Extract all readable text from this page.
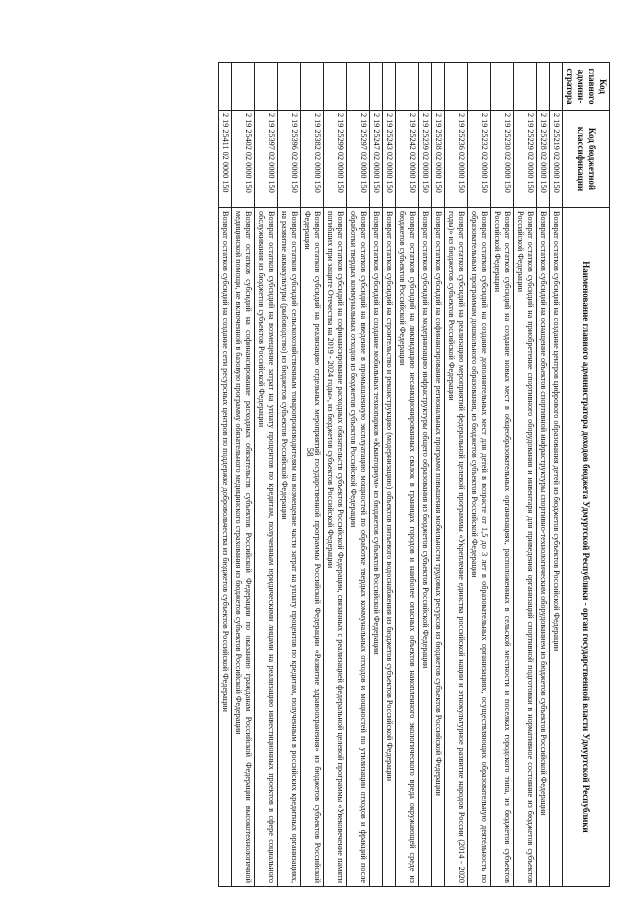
58
Код главного админи-стратора	Код бюджетной классификации	Наименование главного администратора доходов бюджета Удмуртской Республики - орган государственной власти Удмуртской Республики
	2 19 25219 02 0000 150	Возврат остатков субсидий на создание центров цифрового образования детей из бюджетов субъектов Российской Федерации
	2 19 25228 02 0000 150	Возврат остатков субсидий на оснащение объектов спортивной инфраструктуры спортивно-технологическим оборудованием из бюджетов субъектов Российской Федерации
	2 19 25229 02 0000 150	Возврат остатков субсидий на приобретение спортивного оборудования и инвентаря для приведения организаций спортивной подготовки в нормативное состояние из бюджетов субъектов Российской Федерации
	2 19 25230 02 0000 150	Возврат остатков субсидий на создание новых мест в общеобразовательных организациях, расположенных в сельской местности и поселках городского типа, из бюджетов субъектов Российской Федерации
	2 19 25232 02 0000 150	Возврат остатков субсидий на создание дополнительных мест для детей в возрасте от 1,5 до 3 лет в образовательных организациях, осуществляющих образовательную деятельность по образовательным программам дошкольного образования, из бюджетов субъектов Российской Федерации
	2 19 25236 02 0000 150	Возврат остатков субсидий на реализацию мероприятий федеральной целевой программы «Укрепление единства российской нации и этнокультурное развитие народов России (2014 - 2020 годы)» из бюджетов субъектов Российской Федерации
	2 19 25238 02 0000 150	Возврат остатков субсидий на софинансирование региональных программ повышения мобильности трудовых ресурсов из бюджетов субъектов Российской Федерации
	2 19 25239 02 0000 150	Возврат остатков субсидий на модернизацию инфраструктуры общего образования из бюджетов субъектов Российской Федерации
	2 19 25242 02 0000 150	Возврат остатков субсидий на ликвидацию несанкционированных свалок в границах городов и наиболее опасных объектов накопленного экологического вреда окружающей среде из бюджетов субъектов Российской Федерации
	2 19 25243 02 0000 150	Возврат остатков субсидий на строительство и реконструкцию (модернизацию) объектов питьевого водоснабжения из бюджетов субъектов Российской Федерации
	2 19 25247 02 0000 150	Возврат остатков субсидий на создание мобильных технопарков «Кванториум» из бюджетов субъектов Российской Федерации
	2 19 25297 02 0000 150	Возврат остатков субсидий на введение в промышленную эксплуатацию мощностей по обработке твердых коммунальных отходов и мощностей по утилизации отходов и фракций после обработки твердых коммунальных отходов из бюджетов субъектов Российской Федерации
	2 19 25299 02 0000 150	Возврат остатков субсидий на софинансирование расходных обязательств субъектов Российской Федерации, связанных с реализацией федеральной целевой программы «Увековечение памяти погибших при защите Отечества на 2019 - 2024 годы», из бюджетов субъектов Российской Федерации
	2 19 25382 02 0000 150	Возврат остатков субсидий на реализацию отдельных мероприятий государственной программы Российской Федерации «Развитие здравоохранения» из бюджетов субъектов Российской Федерации
	2 19 25396 02 0000 150	Возврат остатков субсидий сельскохозяйственным товаропроизводителям на возмещение части затрат на уплату процентов по кредитам, полученным в российских кредитных организациях, на развитие аквакультуры (рыбоводство) из бюджетов субъектов Российской Федерации
	2 19 25397 02 0000 150	Возврат остатков субсидий на возмещение затрат на уплату процентов по кредитам, полученным юридическими лицами на реализацию инвестиционных проектов в сфере социального обслуживания из бюджетов субъектов Российской Федерации
	2 19 25402 02 0000 150	Возврат остатков субсидий на софинансирование расходных обязательств субъектов Российской Федерации по оказанию гражданам Российской Федерации высокотехнологичной медицинской помощи, не включенной в базовую программу обязательного медицинского страхования из бюджетов субъектов Российской Федерации
	2 19 25411 02 0000 150	Возврат остатков субсидий на создание сети ресурсных центров по поддержке добровольчества из бюджетов субъектов Российской Федерации
